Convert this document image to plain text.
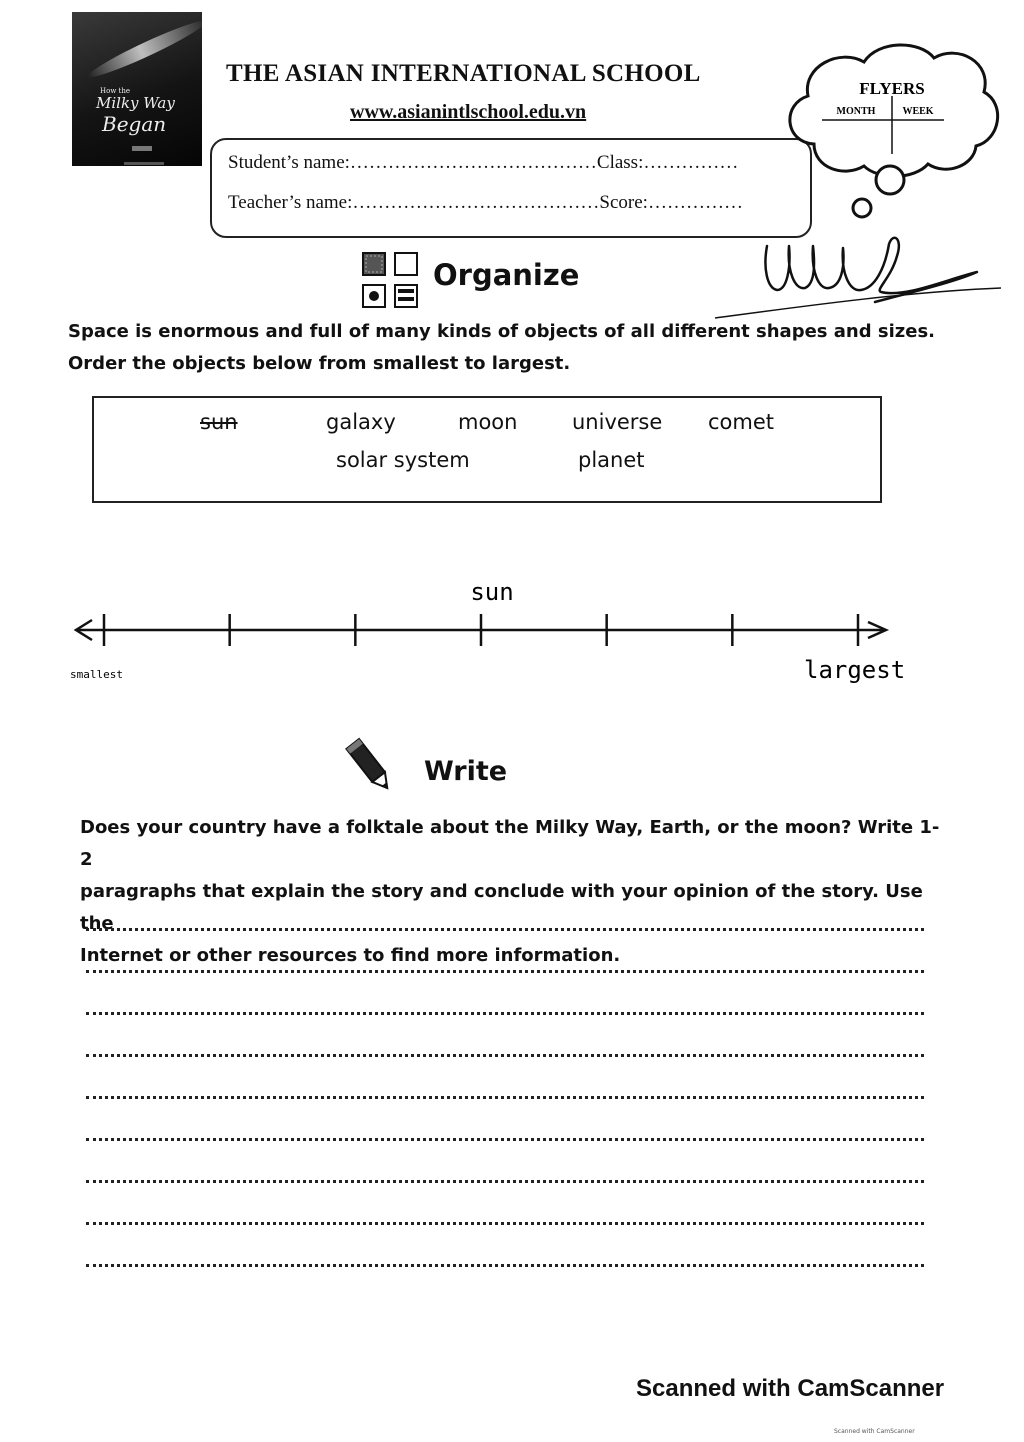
How the
Milky Way
Began
THE ASIAN INTERNATIONAL SCHOOL
www.asianintlschool.edu.vn
Student’s name:…………………………………Class:……………
Teacher’s name:…………………………………Score:……………
FLYERS
MONTH	WEEK
Organize
Space is enormous and full of many kinds of objects of all different shapes and sizes.
Order the objects below from smallest to largest.
sun	galaxy	moon	universe comet
solar system	planet
sun
smallest	largest
Write
Does your country have a folktale about the Milky Way, Earth, or the moon? Write 1-2
paragraphs that explain the story and conclude with your opinion of the story. Use the
Internet or other resources to find more information.
Scanned with CamScanner
Scanned with CamScanner
